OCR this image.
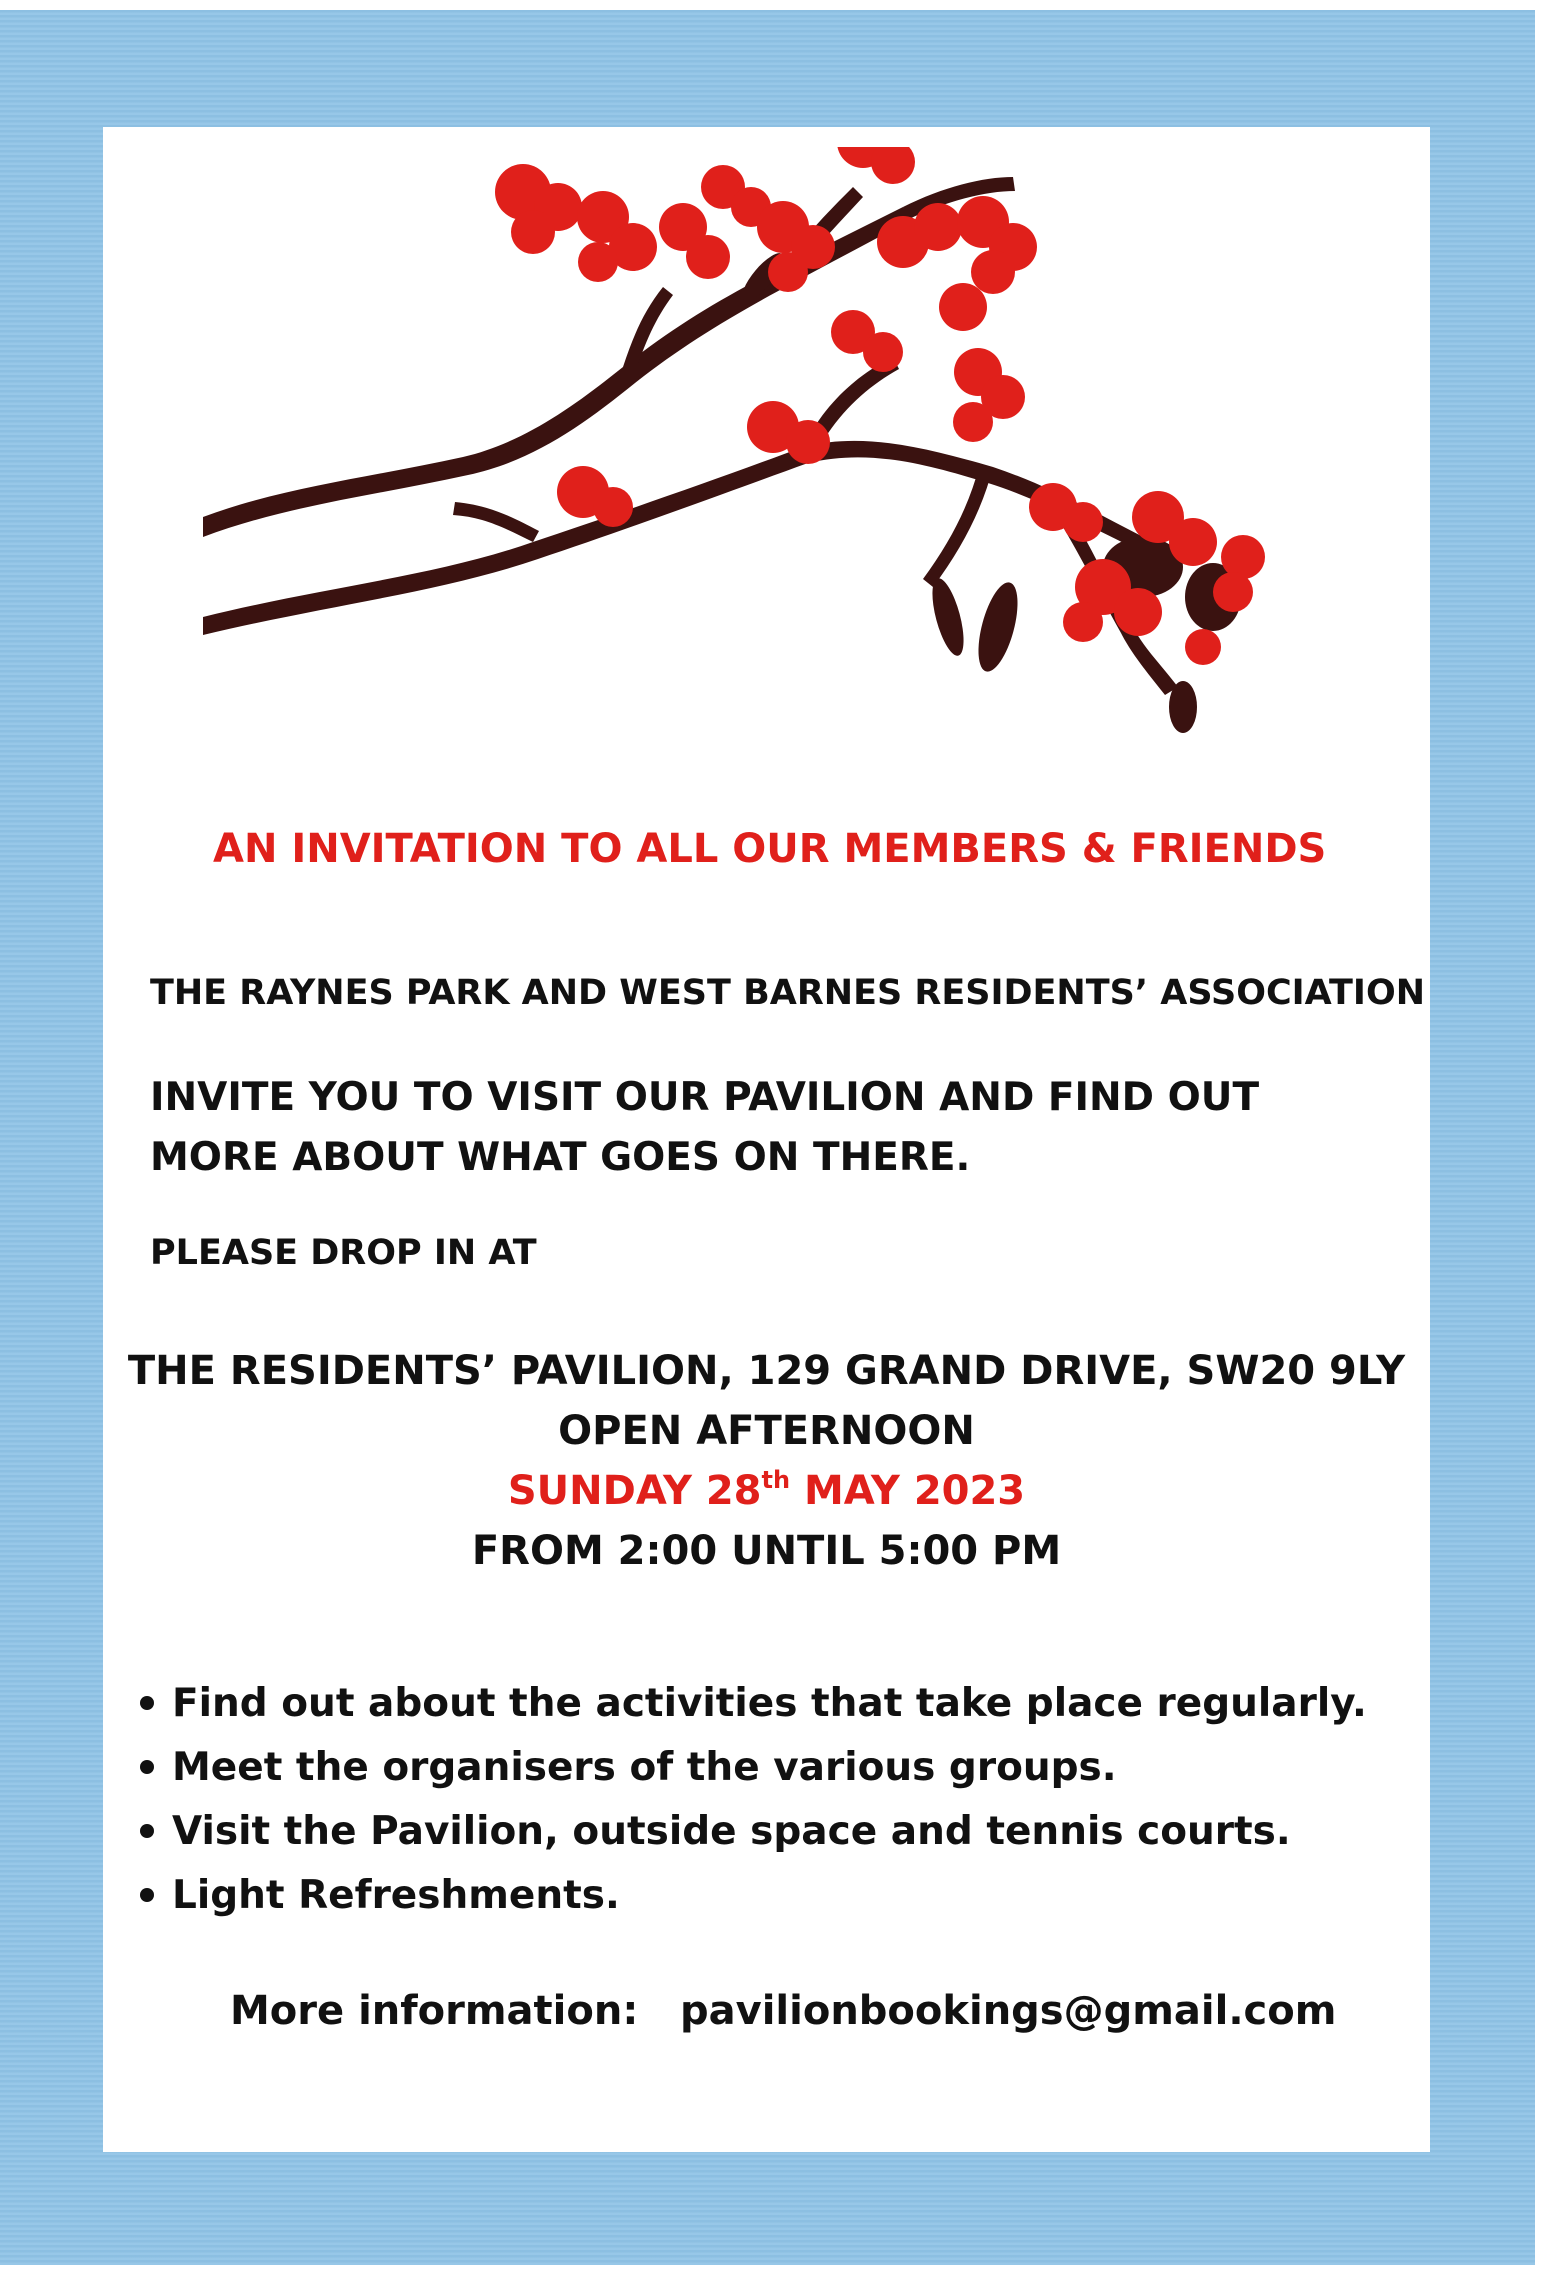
AN INVITATION TO ALL OUR MEMBERS & FRIENDS

THE RAYNES PARK AND WEST BARNES RESIDENTS’ ASSOCIATION

INVITE YOU TO VISIT OUR PAVILION AND FIND OUT
MORE ABOUT WHAT GOES ON THERE.

PLEASE DROP IN AT

THE RESIDENTS’ PAVILION, 129 GRAND DRIVE, SW20 9LY

OPEN AFTERNOON

SUNDAY 28th MAY 2023

FROM 2:00 UNTIL 5:00 PM

Find out about the activities that take place regularly.
Meet the organisers of the various groups.
Visit the Pavilion, outside space and tennis courts.
Light Refreshments.

More information: pavilionbookings@gmail.com
